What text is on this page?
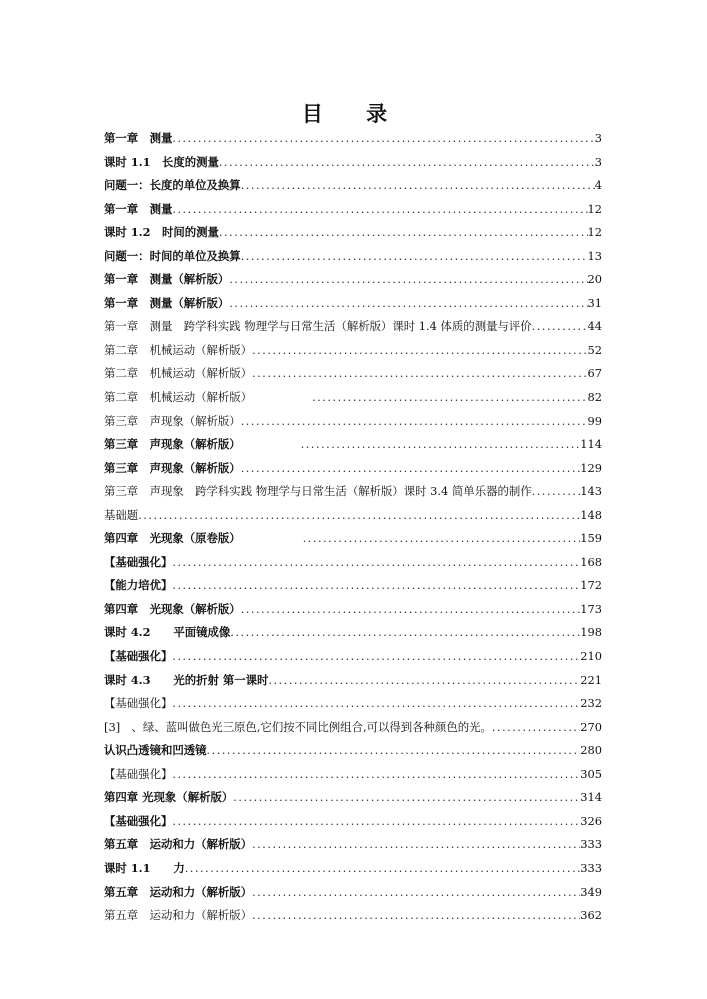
目 录
第一章　测量 .....	3
课时 1.1　长度的测量 .....	3
问题一：长度的单位及换算 .....	4
第一章　测量 .....	12
课时 1.2　时间的测量 .....	12
问题一：时间的单位及换算 .....	13
第一章　测量（解析版） .....	20
第一章　测量（解析版） .....	31
第一章　测量　跨学科实践 物理学与日常生活（解析版）课时 1.4 体质的测量与评价 .....	44
第二章　机械运动（解析版） .....	52
第二章　机械运动（解析版） .....	67
第二章　机械运动（解析版） .....	82
第三章　声现象（解析版） .....	99
第三章　声现象（解析版） .....	114
第三章　声现象（解析版） .....	129
第三章　声现象　跨学科实践 物理学与日常生活（解析版）课时 3.4 简单乐器的制作 .....	143
基础题 .....	148
第四章　光现象（原卷版） .....	159
【基础强化】 .....	168
【能力培优】 .....	172
第四章　光现象（解析版） .....	173
课时 4.2　　平面镜成像 .....	198
【基础强化】 .....	210
课时 4.3　　光的折射 第一课时 .....	221
【基础强化】 .....	232
[3]　、绿、蓝叫做色光三原色,它们按不同比例组合,可以得到各种颜色的光。 .....	270
认识凸透镜和凹透镜 .....	280
【基础强化】 .....	305
第四章 光现象（解析版） .....	314
【基础强化】 .....	326
第五章　运动和力（解析版） .....	333
课时 1.1　　力 .....	333
第五章　运动和力（解析版） .....	349
第五章　运动和力（解析版） .....	362
